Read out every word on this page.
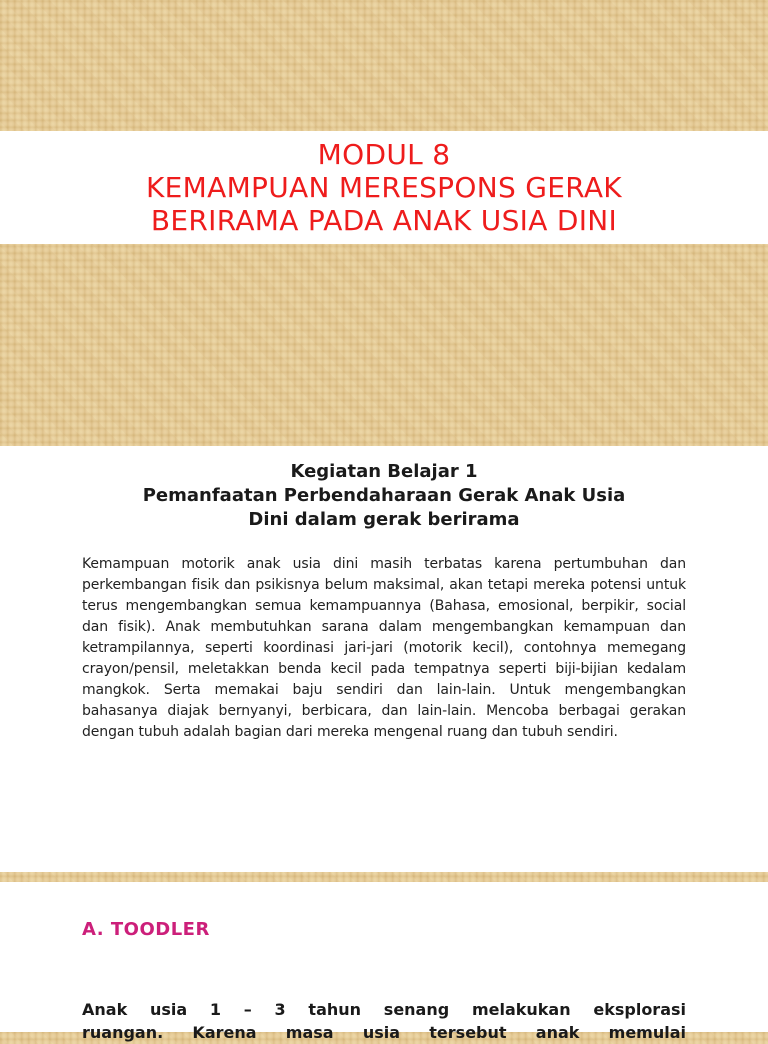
MODUL 8
KEMAMPUAN MERESPONS GERAK
BERIRAMA PADA ANAK USIA DINI
Kegiatan Belajar 1
Pemanfaatan Perbendaharaan Gerak Anak Usia
Dini dalam gerak berirama
Kemampuan motorik anak usia dini masih terbatas karena pertumbuhan dan perkembangan fisik dan psikisnya belum maksimal, akan tetapi mereka potensi untuk terus mengembangkan semua kemampuannya (Bahasa, emosional, berpikir, social dan fisik). Anak membutuhkan sarana dalam mengembangkan kemampuan dan ketrampilannya, seperti koordinasi jari-jari (motorik kecil), contohnya memegang crayon/pensil, meletakkan benda kecil pada tempatnya seperti biji-bijian kedalam mangkok. Serta memakai baju sendiri dan lain-lain. Untuk mengembangkan bahasanya diajak bernyanyi, berbicara, dan lain-lain. Mencoba berbagai gerakan dengan tubuh adalah bagian dari mereka mengenal ruang dan tubuh sendiri.
A. TOODLER
Anak usia 1 – 3 tahun senang melakukan eksplorasi
ruangan. Karena masa usia tersebut anak memulai
